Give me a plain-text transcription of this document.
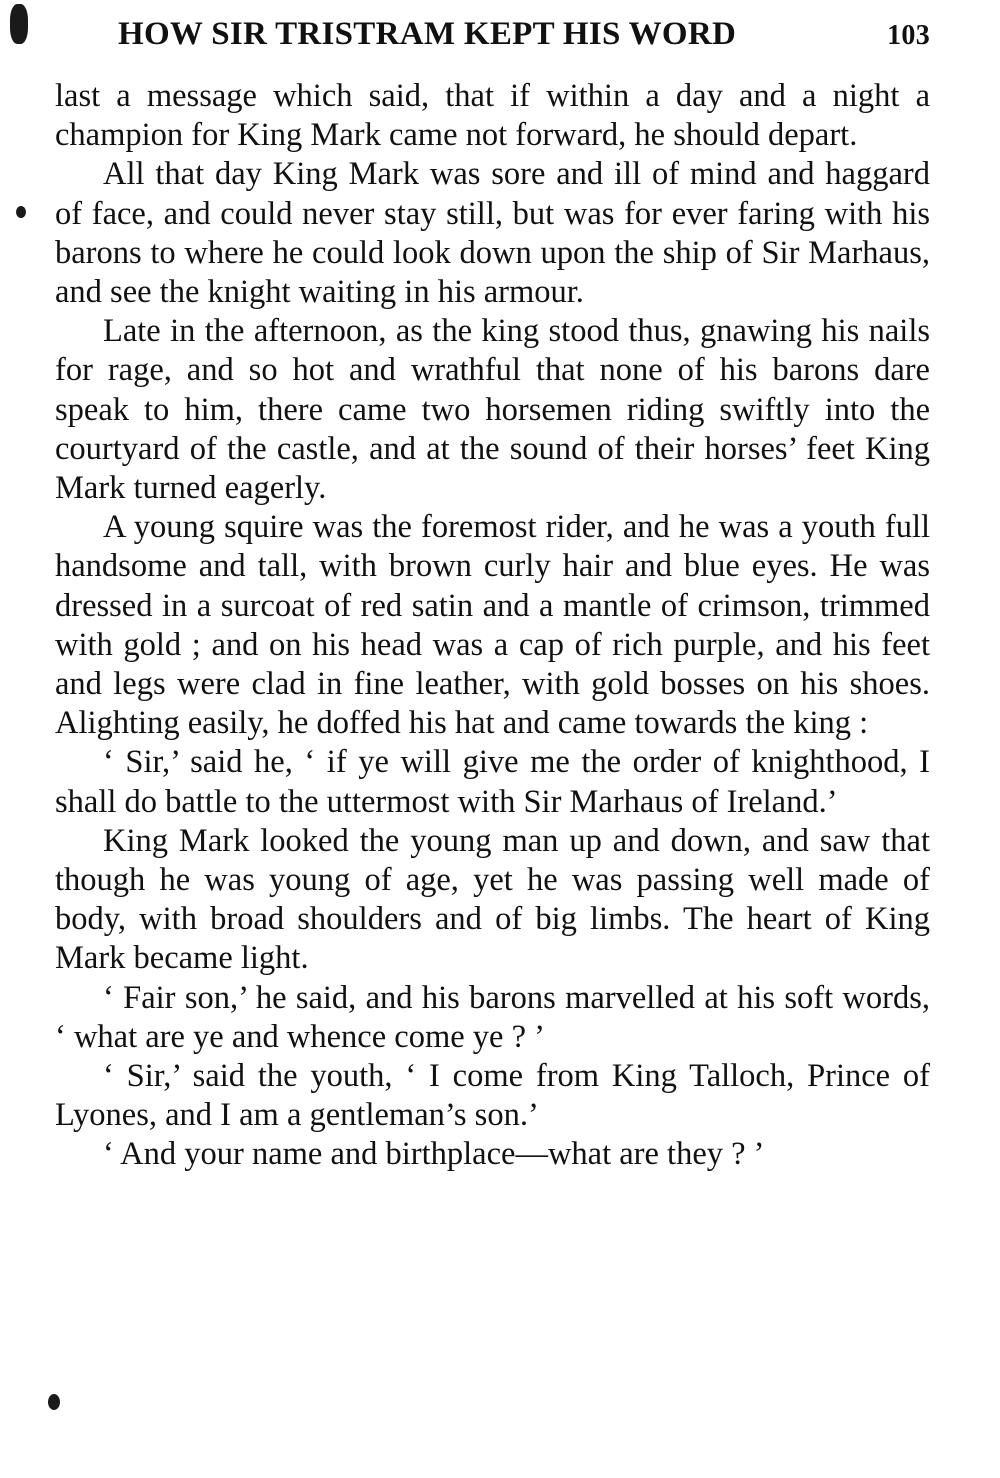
HOW SIR TRISTRAM KEPT HIS WORD	103

last a message which said, that if within a day and a night a champion for King Mark came not forward, he should depart.

All that day King Mark was sore and ill of mind and haggard of face, and could never stay still, but was for ever faring with his barons to where he could look down upon the ship of Sir Marhaus, and see the knight waiting in his armour.

Late in the afternoon, as the king stood thus, gnawing his nails for rage, and so hot and wrathful that none of his barons dare speak to him, there came two horsemen riding swiftly into the courtyard of the castle, and at the sound of their horses’ feet King Mark turned eagerly.

A young squire was the foremost rider, and he was a youth full handsome and tall, with brown curly hair and blue eyes. He was dressed in a surcoat of red satin and a mantle of crimson, trimmed with gold ; and on his head was a cap of rich purple, and his feet and legs were clad in fine leather, with gold bosses on his shoes. Alighting easily, he doffed his hat and came towards the king :

‘ Sir,’ said he, ‘ if ye will give me the order of knighthood, I shall do battle to the uttermost with Sir Marhaus of Ireland.’

King Mark looked the young man up and down, and saw that though he was young of age, yet he was passing well made of body, with broad shoulders and of big limbs. The heart of King Mark became light.

‘ Fair son,’ he said, and his barons marvelled at his soft words, ‘ what are ye and whence come ye ? ’

‘ Sir,’ said the youth, ‘ I come from King Talloch, Prince of Lyones, and I am a gentleman’s son.’

‘ And your name and birthplace—what are they ? ’
